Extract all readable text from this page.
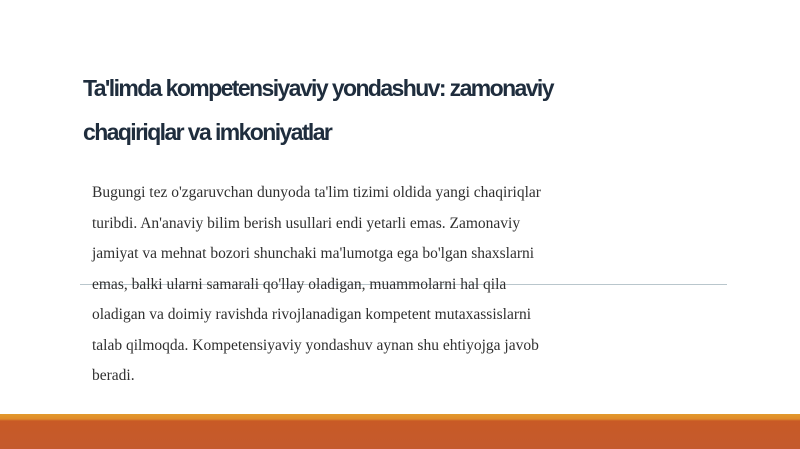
Ta'limda kompetensiyaviy yondashuv: zamonaviy
chaqiriqlar va imkoniyatlar

Bugungi tez o'zgaruvchan dunyoda ta'lim tizimi oldida yangi chaqiriqlar
turibdi. An'anaviy bilim berish usullari endi yetarli emas. Zamonaviy
jamiyat va mehnat bozori shunchaki ma'lumotga ega bo'lgan shaxslarni
emas, balki ularni samarali qo'llay oladigan, muammolarni hal qila
oladigan va doimiy ravishda rivojlanadigan kompetent mutaxassislarni
talab qilmoqda. Kompetensiyaviy yondashuv aynan shu ehtiyojga javob
beradi.
